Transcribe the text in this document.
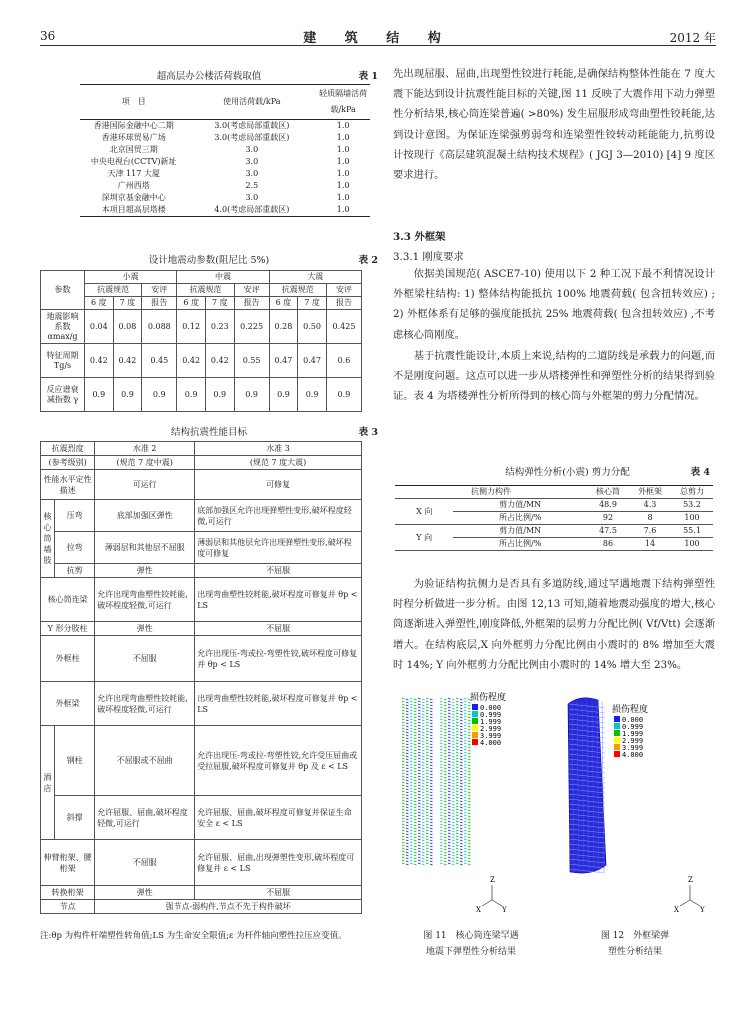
36	建 筑 结 构	2012 年
超高层办公楼活荷载取值	表 1
项　目	使用活荷载/kPa	轻质隔墙活荷载/kPa
香港国际金融中心二期	3.0(考虑局部重载区)	1.0
香港环球贸易广场	3.0(考虑局部重载区)	1.0
北京国贸三期	3.0	1.0
中央电视台(CCTV)新址	3.0	1.0
天津 117 大厦	3.0	1.0
广州西塔	2.5	1.0
深圳京基金融中心	3.0	1.0
本项目超高层塔楼	4.0(考虑局部重载区)	1.0
设计地震动参数(阻尼比 5%)	表 2
参数	小震			中震			大震		
	抗震规范		安评	抗震规范		安评	抗震规范		安评
	6 度	7 度	报告	6 度	7 度	报告	6 度	7 度	报告
地震影响系数 αmax/g	0.04	0.08	0.088	0.12	0.23	0.225	0.28	0.50	0.425
特征周期 Tg/s	0.42	0.42	0.45	0.42	0.42	0.55	0.47	0.47	0.6
反应谱衰减指数 γ	0.9	0.9	0.9	0.9	0.9	0.9	0.9	0.9	0.9
结构抗震性能目标	表 3
抗震烈度		水准 2	水准 3
(参考级别)		(规范 7 度中震)	(规范 7 度大震)
性能水平定性描述		可运行	可修复
核心筒墙肢	压弯	底部加强区弹性	底部加强区允许出现弹塑性变形,破坏程度轻微,可运行
	拉弯	薄弱层和其他层不屈服	薄弱层和其他层允许出现弹塑性变形,破坏程度可修复
	抗剪	弹性	不屈服
核心筒连梁		允许出现弯曲塑性铰耗能,破坏程度轻微,可运行	出现弯曲塑性铰耗能,破坏程度可修复并 θp < LS
Y 形分肢柱		弹性	不屈服
外框柱		不屈服	允许出现压-弯或拉-弯塑性铰,破坏程度可修复并 θp < LS
外框梁		允许出现弯曲塑性铰耗能,破坏程度轻微,可运行	出现弯曲塑性铰耗能,破坏程度可修复并 θp < LS
酒店	钢柱	不屈服或不屈曲	允许出现压-弯或拉-弯塑性铰,允许受压屈曲或受拉屈服,破坏程度可修复并 θp 及 ε < LS
	斜撑	允许屈服、屈曲,破坏程度轻微,可运行	允许屈服、屈曲,破坏程度可修复并保证生命安全 ε < LS
伸臂桁架、腰桁架		不屈服	允许屈服、屈曲,出现弹塑性变形,破坏程度可修复并 ε < LS
转换桁架		弹性	不屈服
节点		强节点-弱构件,节点不先于构件破坏	
注:θp 为构件杆端塑性转角值;LS 为生命安全限值;ε 为杆件轴向塑性拉压应变值。
先出现屈服、屈曲,出现塑性铰进行耗能,是确保结构整体性能在 7 度大震下能达到设计抗震性能目标的关键,图 11 反映了大震作用下动力弹塑性分析结果,核心筒连梁普遍( >80%) 发生屈服形成弯曲塑性铰耗能,达到设计意图。为保证连梁强剪弱弯和连梁塑性铰转动耗能能力,抗剪设计按现行《高层建筑混凝土结构技术规程》( JGJ 3—2010) [4] 9 度区要求进行。
3.3 外框架
3.3.1 刚度要求

依据美国规范( ASCE7-10) 使用以下 2 种工况下最不利情况设计外框梁柱结构: 1) 整体结构能抵抗 100% 地震荷载( 包含扭转效应) ; 2) 外框体系有足够的强度能抵抗 25% 地震荷载( 包含扭转效应) ,不考虑核心筒刚度。

基于抗震性能设计,本质上来说,结构的二道防线是承载力的问题,而不是刚度问题。这点可以进一步从塔楼弹性和弹塑性分析的结果得到验证。表 4 为塔楼弹性分析所得到的核心筒与外框架的剪力分配情况。

结构弹性分析(小震) 剪力分配	表 4
抗侧力构件		核心筒	外框架	总剪力
X 向	剪力值/MN	48.9	4.3	53.2
	所占比例/%	92	8	100
Y 向	剪力值/MN	47.5	7.6	55.1
	所占比例/%	86	14	100

为验证结构抗侧力是否具有多道防线,通过罕遇地震下结构弹塑性时程分析做进一步分析。由图 12,13 可知,随着地震动强度的增大,核心筒逐渐进入弹塑性,刚度降低,外框架的层剪力分配比例( Vf/Vtt) 会逐渐增大。在结构底层,X 向外框剪力分配比例由小震时的 8% 增加至大震时 14%; Y 向外框剪力分配比例由小震时的 14% 增大至 23%。

损伤程度
0.000
0.999
1.999
2.999
3.999
4.000
Z
X	Y
图 11　核心筒连梁罕遇
地震下弹塑性分析结果
损伤程度
0.000
0.999
1.999
2.999
3.999
4.000
Z
X	Y
图 12　外框梁弹
塑性分析结果
